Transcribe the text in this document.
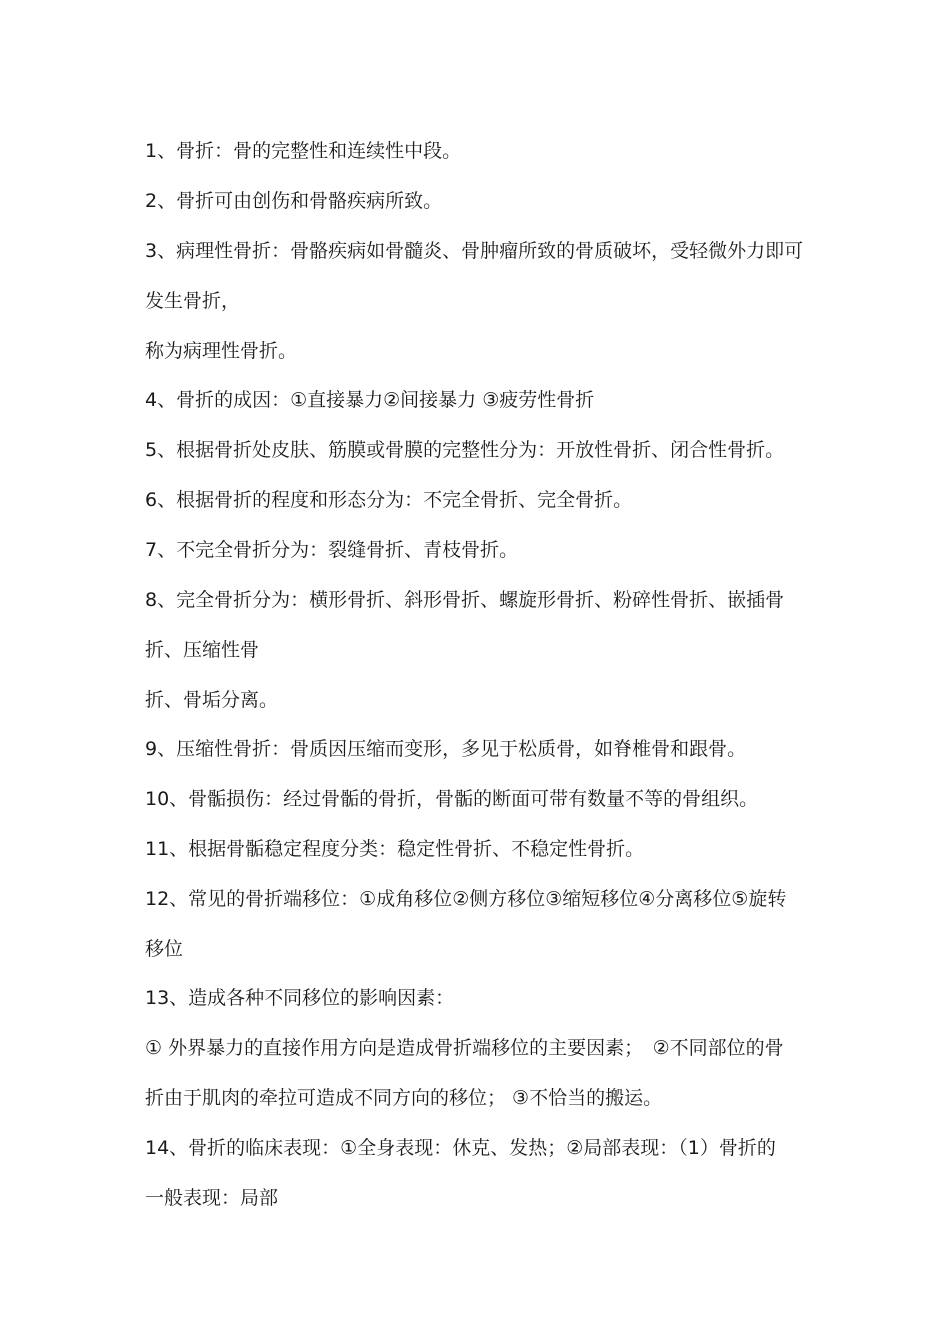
1、骨折：骨的完整性和连续性中段。
2、骨折可由创伤和骨骼疾病所致。
3、病理性骨折：骨骼疾病如骨髓炎、骨肿瘤所致的骨质破坏，受轻微外力即可
发生骨折，
称为病理性骨折。
4、骨折的成因：①直接暴力②间接暴力 ③疲劳性骨折
5、根据骨折处皮肤、筋膜或骨膜的完整性分为：开放性骨折、闭合性骨折。
6、根据骨折的程度和形态分为：不完全骨折、完全骨折。
7、不完全骨折分为：裂缝骨折、青枝骨折。
8、完全骨折分为：横形骨折、斜形骨折、螺旋形骨折、粉碎性骨折、嵌插骨
折、压缩性骨
折、骨垢分离。
9、压缩性骨折：骨质因压缩而变形，多见于松质骨，如脊椎骨和跟骨。
10、骨骺损伤：经过骨骺的骨折，骨骺的断面可带有数量不等的骨组织。
11、根据骨骺稳定程度分类：稳定性骨折、不稳定性骨折。
12、常见的骨折端移位：①成角移位②侧方移位③缩短移位④分离移位⑤旋转
移位
13、造成各种不同移位的影响因素：
① 外界暴力的直接作用方向是造成骨折端移位的主要因素；　②不同部位的骨
折由于肌肉的牵拉可造成不同方向的移位； ③不恰当的搬运。
14、骨折的临床表现：①全身表现：休克、发热；②局部表现：（1）骨折的
一般表现：局部
